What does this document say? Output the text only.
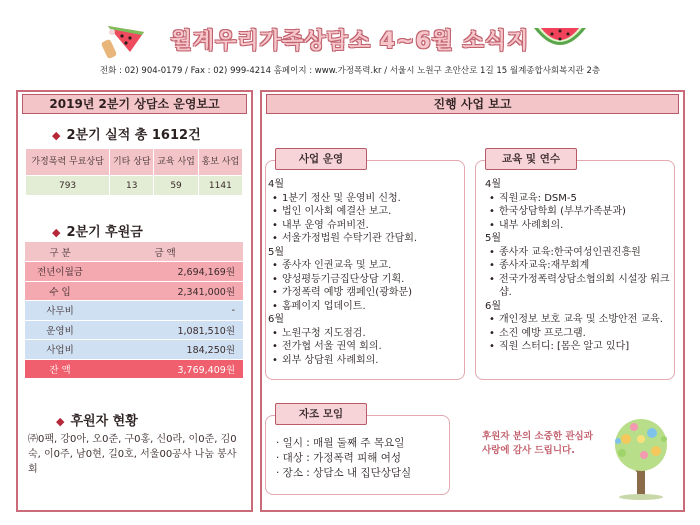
월계우리가족상담소 4~6월 소식지
전화 : 02) 904-0179 / Fax : 02) 999-4214 홈페이지 : www.가정폭력.kr / 서울시 노원구 초안산로 1길 15 월계종합사회복지관 2층
2019년 2분기 상담소 운영보고
◆ 2분기 실적 총 1612건
가정폭력 무료상담	기타 상담	교육 사업	홍보 사업
793	13	59	1141
◆ 2분기 후원금
구 분	금 액
전년이월금	2,694,169원
수 입	2,341,000원
사무비	-
운영비	1,081,510원
사업비	184,250원
잔 액	3,769,409원
◆ 후원자 현황
㈜0팩, 강0아, 오0준, 구0홍, 신0라, 이0준, 김0숙, 이0주, 남0현, 길0호, 서울00공사 나눔 봉사회
진행 사업 보고
사업 운영
4월
• 1분기 정산 및 운영비 신청.
• 법인 이사회 예결산 보고.
• 내부 운영 슈퍼비전.
• 서울가정법원 수탁기관 간담회.
5월
• 종사자 인권교육 및 보고.
• 양성평등기금집단상담 기획.
• 가정폭력 예방 캠페인(광화문)
• 홈페이지 업데이트.
6월
• 노원구청 지도점검.
• 전가협 서울 권역 회의.
• 외부 상담원 사례회의.
교육 및 연수
4월
• 직원교육: DSM-5
• 한국상담학회 (부부가족분과)
• 내부 사례회의.
5월
• 종사자 교육:한국여성인권진흥원
• 종사자교육:재무회계
• 전국가정폭력상담소협의회 시설장 워크샵.
6월
• 개인정보 보호 교육 및 소방안전 교육.
• 소진 예방 프로그램.
• 직원 스터디: [몸은 알고 있다]
자조 모임
· 일시 : 매월 둘째 주 목요일
· 대상 : 가정폭력 피해 여성
· 장소 : 상담소 내 집단상담실
후원자 분의 소중한 관심과 사랑에 감사 드립니다.
